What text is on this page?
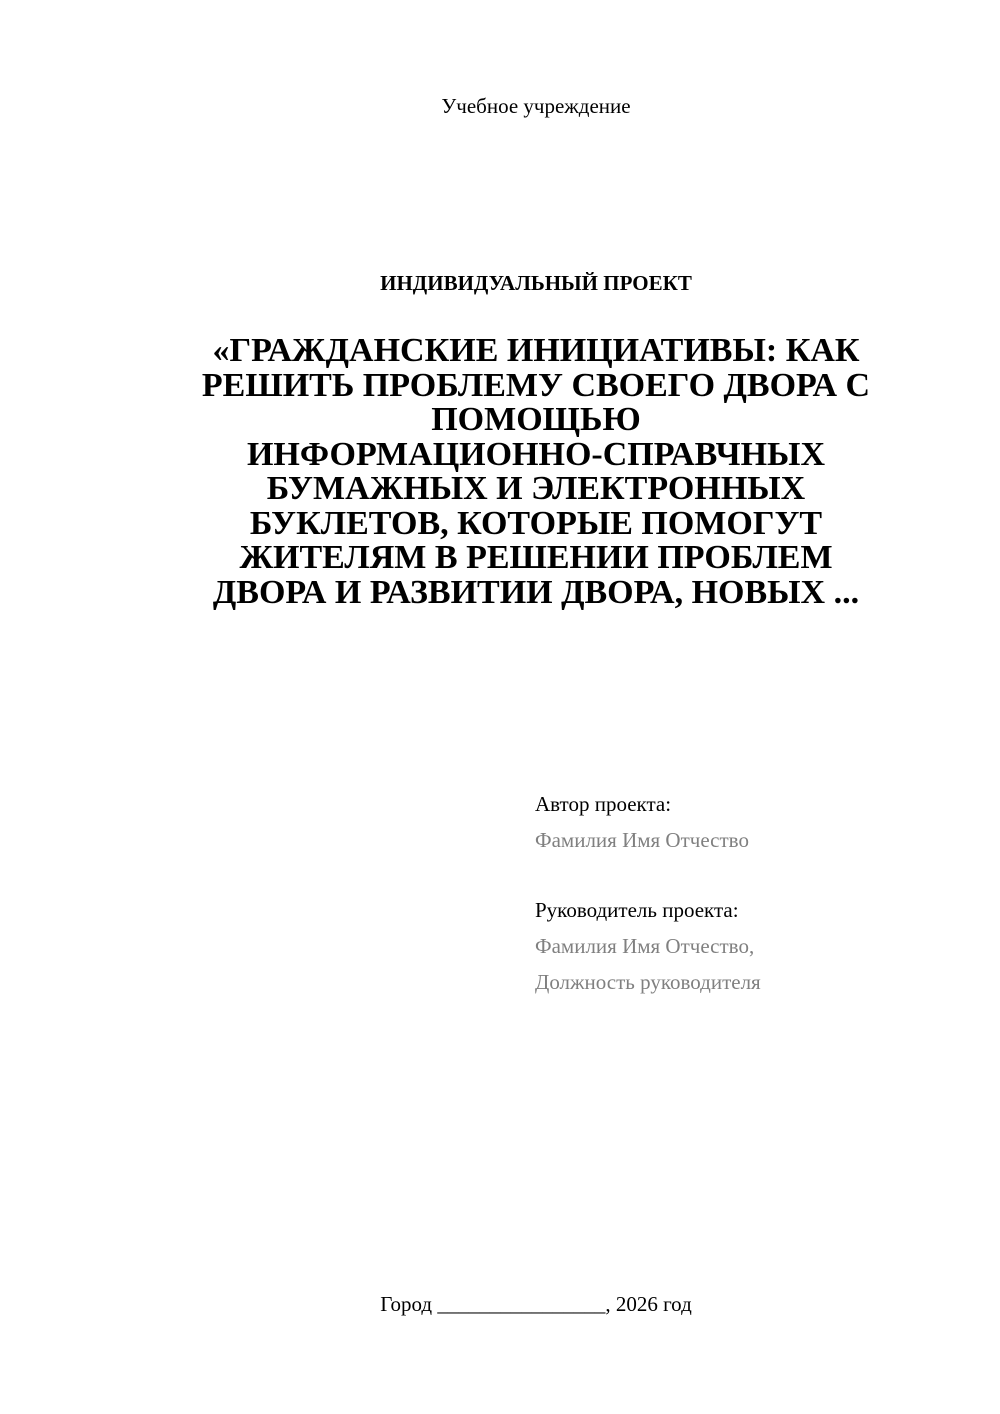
Учебное учреждение
ИНДИВИДУАЛЬНЫЙ ПРОЕКТ
«ГРАЖДАНСКИЕ ИНИЦИАТИВЫ: КАК
РЕШИТЬ ПРОБЛЕМУ СВОЕГО ДВОРА С
ПОМОЩЬЮ
ИНФОРМАЦИОННО-СПРАВЧНЫХ
БУМАЖНЫХ И ЭЛЕКТРОННЫХ
БУКЛЕТОВ, КОТОРЫЕ ПОМОГУТ
ЖИТЕЛЯМ В РЕШЕНИИ ПРОБЛЕМ
ДВОРА И РАЗВИТИИ ДВОРА, НОВЫХ ...
Автор проекта:
Фамилия Имя Отчество
Руководитель проекта:
Фамилия Имя Отчество,
Должность руководителя
Город ________________, 2026 год
